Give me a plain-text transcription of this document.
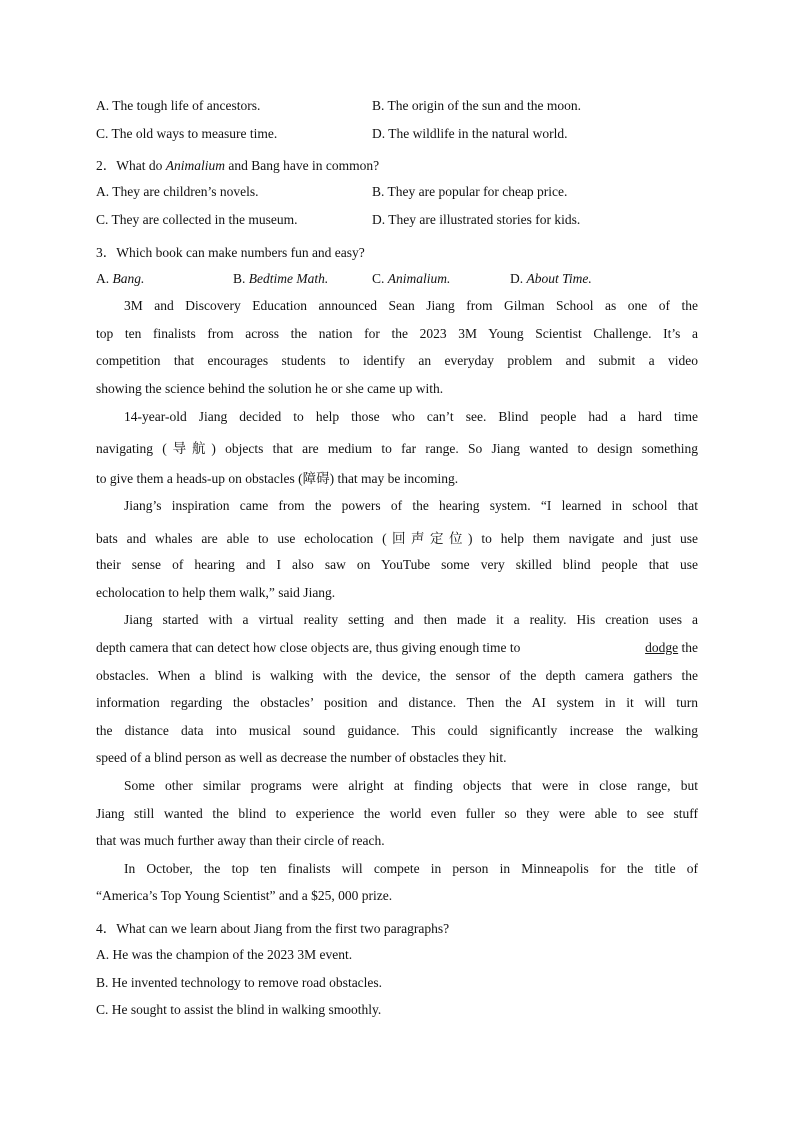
A. The tough life of ancestors.	B. The origin of the sun and the moon.
C. The old ways to measure time.	D. The wildlife in the natural world.
2．What do Animalium and Bang have in common?
A. They are children’s novels.	B. They are popular for cheap price.
C. They are collected in the museum.	D. They are illustrated stories for kids.
3．Which book can make numbers fun and easy?
A. Bang.	B. Bedtime Math.	C. Animalium.	D. About Time.
3M and Discovery Education announced Sean Jiang from Gilman School as one of the
top ten finalists from across the nation for the 2023 3M Young Scientist Challenge. It’s a
competition that encourages students to identify an everyday problem and submit a video
showing the science behind the solution he or she came up with.
14-year-old Jiang decided to help those who can’t see. Blind people had a hard time
navigating (导航) objects that are medium to far range. So Jiang wanted to design something
to give them a heads-up on obstacles (障碍) that may be incoming.
Jiang’s inspiration came from the powers of the hearing system. “I learned in school that
bats and whales are able to use echolocation (回声定位) to help them navigate and just use
their sense of hearing and I also saw on YouTube some very skilled blind people that use
echolocation to help them walk,” said Jiang.
Jiang started with a virtual reality setting and then made it a reality. His creation uses a
depth camera that can detect how close objects are, thus giving enough time to	dodge the
obstacles. When a blind is walking with the device, the sensor of the depth camera gathers the
information regarding the obstacles’ position and distance. Then the AI system in it will turn
the distance data into musical sound guidance. This could significantly increase the walking
speed of a blind person as well as decrease the number of obstacles they hit.
Some other similar programs were alright at finding objects that were in close range, but
Jiang still wanted the blind to experience the world even fuller so they were able to see stuff
that was much further away than their circle of reach.
In October, the top ten finalists will compete in person in Minneapolis for the title of
“America’s Top Young Scientist” and a $25, 000 prize.
4．What can we learn about Jiang from the first two paragraphs?
A. He was the champion of the 2023 3M event.
B. He invented technology to remove road obstacles.
C. He sought to assist the blind in walking smoothly.
